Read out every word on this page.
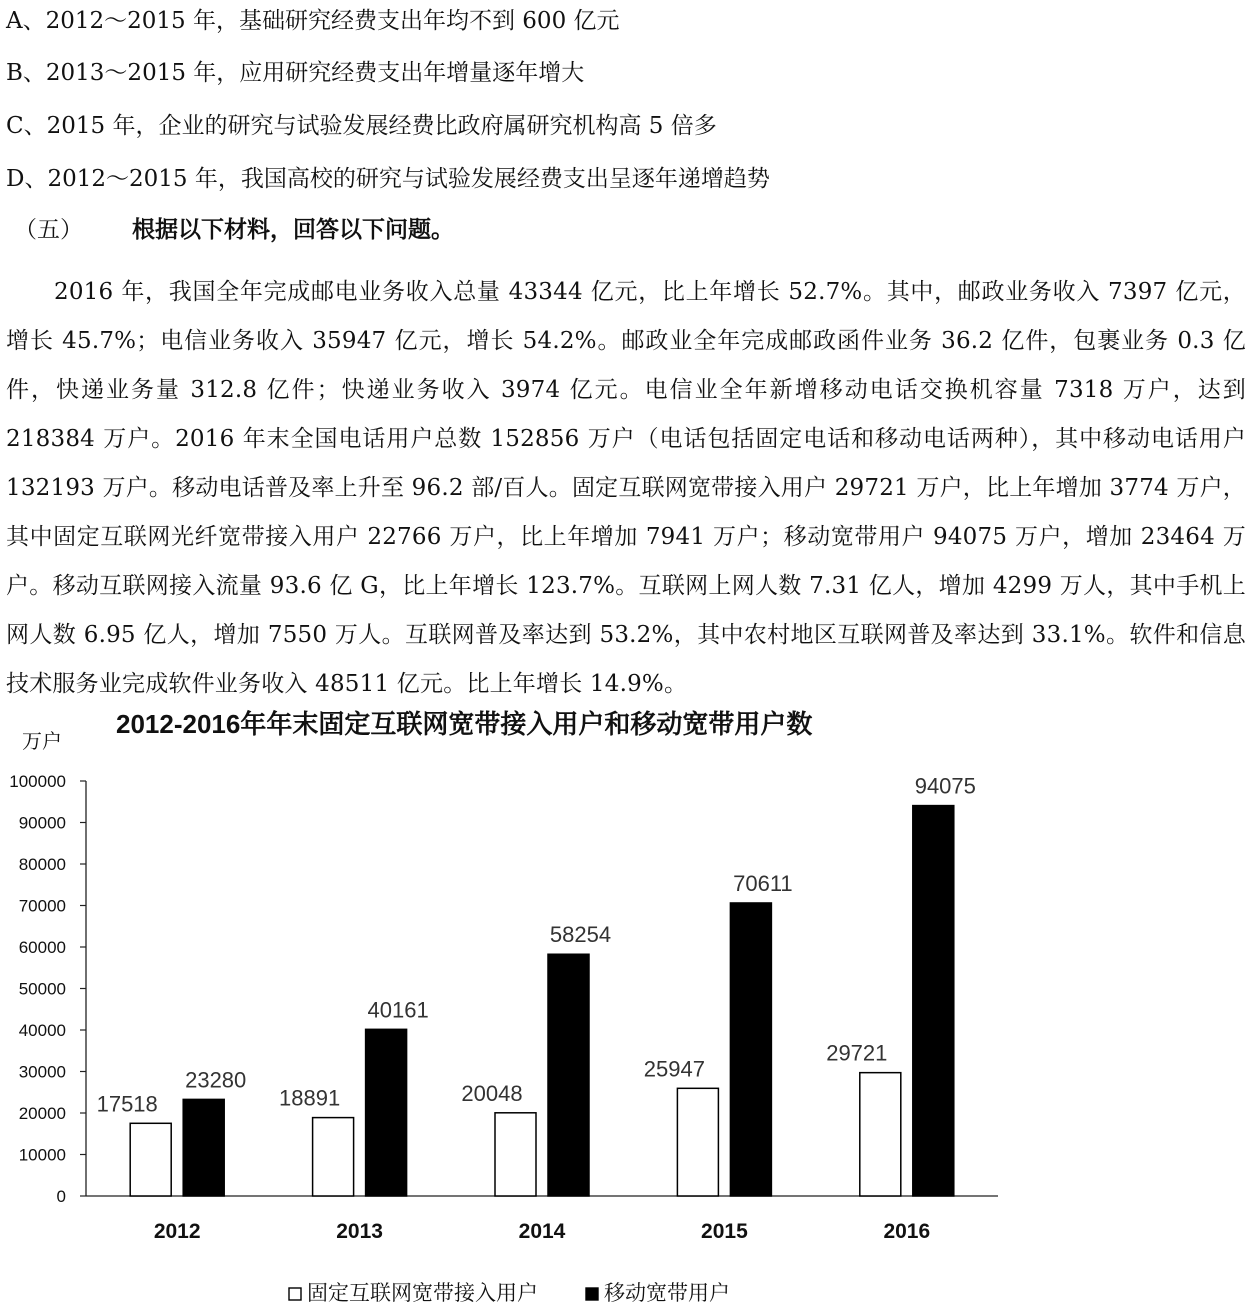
A、2012～2015 年，基础研究经费支出年均不到 600 亿元
B、2013～2015 年，应用研究经费支出年增量逐年增大
C、2015 年，企业的研究与试验发展经费比政府属研究机构高 5 倍多
D、2012～2015 年，我国高校的研究与试验发展经费支出呈逐年递增趋势
（五） 根据以下材料，回答以下问题。
2016 年，我国全年完成邮电业务收入总量 43344 亿元，比上年增长 52.7%。其中，邮政业务收入 7397 亿元，增长 45.7%；电信业务收入 35947 亿元，增长 54.2%。邮政业全年完成邮政函件业务 36.2 亿件，包裹业务 0.3 亿件，快递业务量 312.8 亿件；快递业务收入 3974 亿元。电信业全年新增移动电话交换机容量 7318 万户，达到 218384 万户。2016 年末全国电话用户总数 152856 万户（电话包括固定电话和移动电话两种），其中移动电话用户 132193 万户。移动电话普及率上升至 96.2 部/百人。固定互联网宽带接入用户 29721 万户，比上年增加 3774 万户，其中固定互联网光纤宽带接入用户 22766 万户，比上年增加 7941 万户；移动宽带用户 94075 万户，增加 23464 万户。移动互联网接入流量 93.6 亿 G，比上年增长 123.7%。互联网上网人数 7.31 亿人，增加 4299 万人，其中手机上网人数 6.95 亿人，增加 7550 万人。互联网普及率达到 53.2%，其中农村地区互联网普及率达到 33.1%。软件和信息技术服务业完成软件业务收入 48511 亿元。比上年增长 14.9%。
2012-2016年年末固定互联网宽带接入用户和移动宽带用户数
万户
0
10000
20000
30000
40000
50000
60000
70000
80000
90000
100000
17518
23280
18891
40161
20048
58254
25947
70611
29721
94075
2012	2013	2014	2015	2016
固定互联网宽带接入用户	移动宽带用户
